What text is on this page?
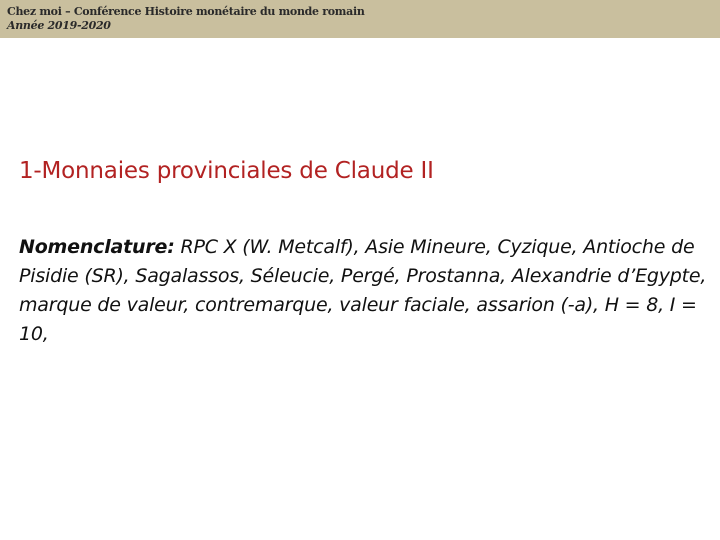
Chez moi – Conférence Histoire monétaire du monde romain
Année 2019-2020
1-Monnaies provinciales de Claude II
Nomenclature: RPC X (W. Metcalf), Asie Mineure, Cyzique, Antioche de Pisidie (SR), Sagalassos, Séleucie, Pergé, Prostanna, Alexandrie d’Egypte, marque de valeur, contremarque, valeur faciale, assarion (-a), H = 8, I = 10,
